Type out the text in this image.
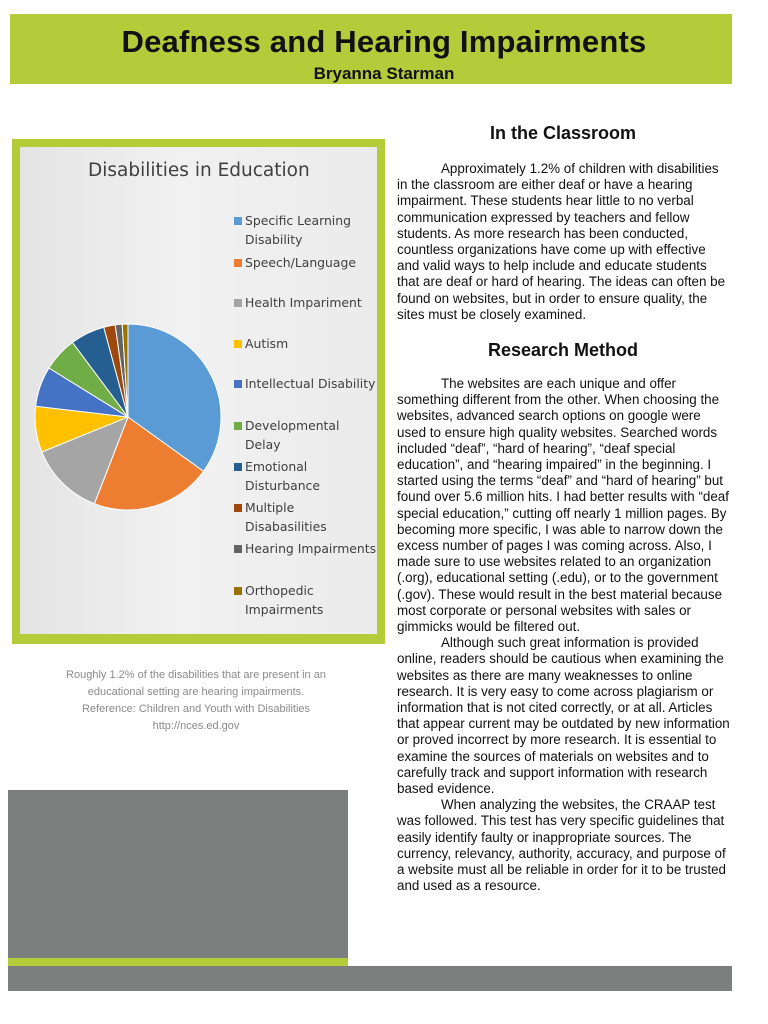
Deafness and Hearing Impairments
Bryanna Starman
Disabilities in Education
Specific Learning
Disability
Speech/Language
Health Impariment
Autism
Intellectual Disability
Developmental
Delay
Emotional
Disturbance
Multiple
Disabasilities
Hearing Impairments
Orthopedic
Impairments
Roughly 1.2% of the disabilities that are present in an
educational setting are hearing impairments.
Reference: Children and Youth with Disabilities
http://nces.ed.gov
In the Classroom

Approximately 1.2% of children with disabilities in the classroom are either deaf or have a hearing impairment. These students hear little to no verbal communication expressed by teachers and fellow students. As more research has been conducted, countless organizations have come up with effective and valid ways to help include and educate students that are deaf or hard of hearing. The ideas can often be found on websites, but in order to ensure quality, the sites must be closely examined.

Research Method

The websites are each unique and offer something different from the other. When choosing the websites, advanced search options on google were used to ensure high quality websites. Searched words included “deaf”, “hard of hearing”, “deaf special education”, and “hearing impaired” in the beginning. I started using the terms “deaf” and “hard of hearing” but found over 5.6 million hits. I had better results with “deaf special education,” cutting off nearly 1 million pages. By becoming more specific, I was able to narrow down the excess number of pages I was coming across. Also, I made sure to use websites related to an organization (.org), educational setting (.edu), or to the government (.gov). These would result in the best material because most corporate or personal websites with sales or gimmicks would be filtered out.

Although such great information is provided online, readers should be cautious when examining the websites as there are many weaknesses to online research. It is very easy to come across plagiarism or information that is not cited correctly, or at all. Articles that appear current may be outdated by new information or proved incorrect by more research. It is essential to examine the sources of materials on websites and to carefully track and support information with research based evidence.

When analyzing the websites, the CRAAP test was followed. This test has very specific guidelines that easily identify faulty or inappropriate sources. The currency, relevancy, authority, accuracy, and purpose of a website must all be reliable in order for it to be trusted and used as a resource.
